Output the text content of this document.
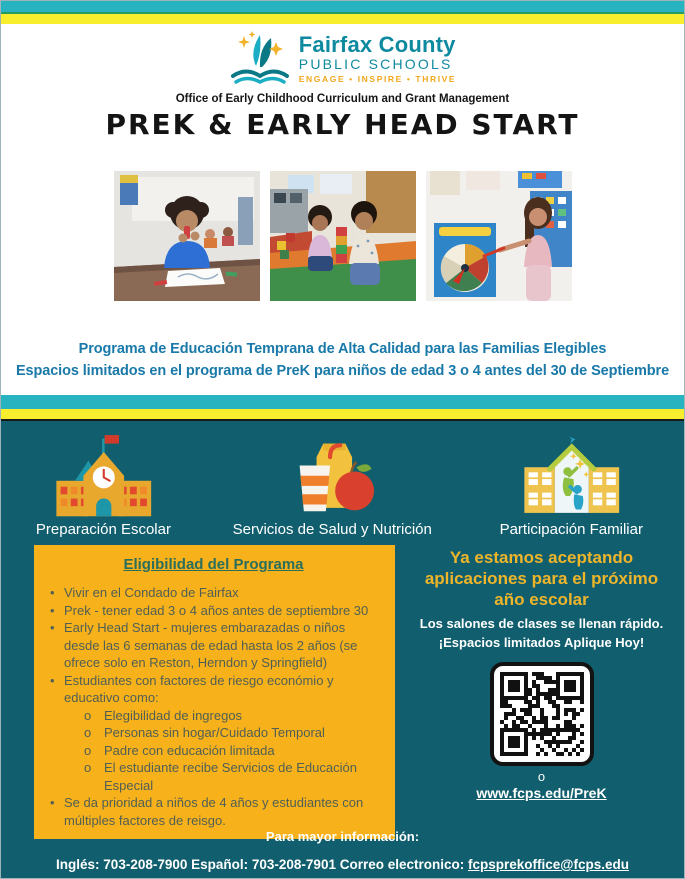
Fairfax County
PUBLIC SCHOOLS
ENGAGE • INSPIRE • THRIVE
Office of Early Childhood Curriculum and Grant Management
PREK & EARLY HEAD START
Programa de Educación Temprana de Alta Calidad para las Familias Elegibles
Espacios limitados en el programa de PreK para niños de edad 3 o 4 antes del 30 de Septiembre
Preparación Escolar	Servicios de Salud y Nutrición	Participación Familiar
Eligibilidad del Programa
• Vivir en el Condado de Fairfax
• Prek - tener edad 3 o 4 años antes de septiembre 30
• Early Head Start - mujeres embarazadas o niños desde las 6 semanas de edad hasta los 2 años (se ofrece solo en Reston, Herndon y Springfield)
• Estudiantes con factores de riesgo económio y educativo como:
o Elegibilidad de ingregos
o Personas sin hogar/Cuidado Temporal
o Padre con educación limitada
o El estudiante recibe Servicios de Educación Especial
• Se da prioridad a niños de 4 años y estudiantes con múltiples factores de reisgo.
Ya estamos aceptando aplicaciones para el próximo año escolar
Los salones de clases se llenan rápido.
¡Espacios limitados Aplique Hoy!
o
www.fcps.edu/PreK
Para mayor información:
Inglés: 703-208-7900 Español: 703-208-7901 Correo electronico: fcpsprekoffice@fcps.edu
